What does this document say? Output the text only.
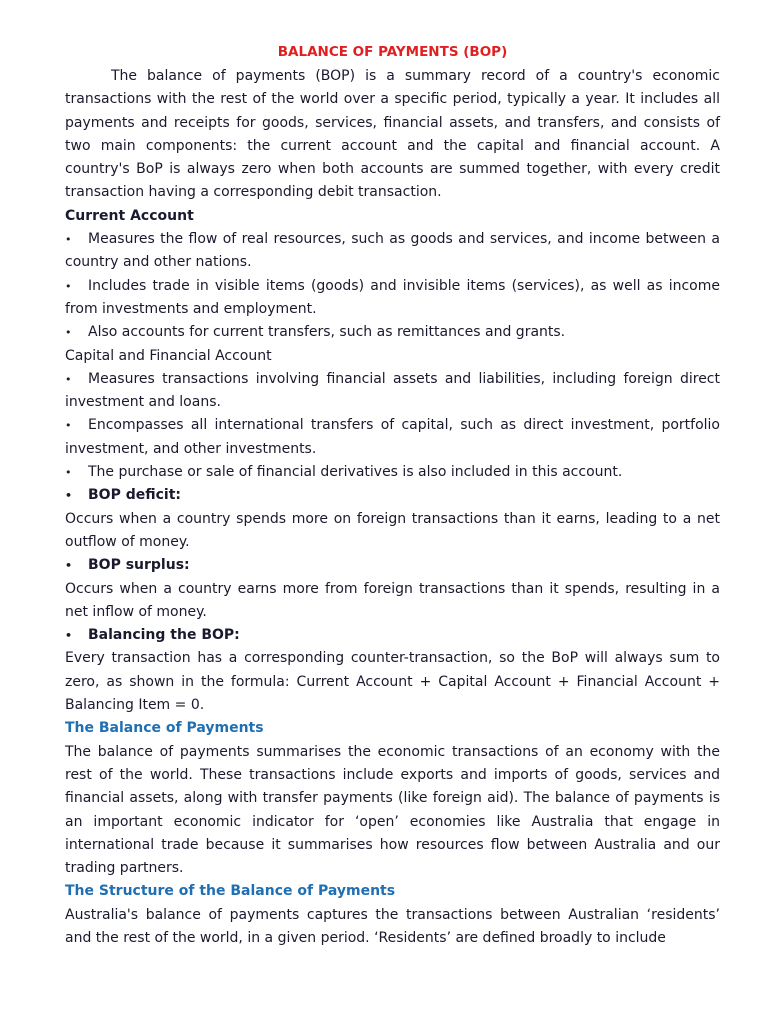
BALANCE OF PAYMENTS (BOP)

The balance of payments (BOP) is a summary record of a country's economic transactions with the rest of the world over a specific period, typically a year. It includes all payments and receipts for goods, services, financial assets, and transfers, and consists of two main components: the current account and the capital and financial account. A country's BoP is always zero when both accounts are summed together, with every credit transaction having a corresponding debit transaction.

Current Account
• Measures the flow of real resources, such as goods and services, and income between a country and other nations.
• Includes trade in visible items (goods) and invisible items (services), as well as income from investments and employment.
• Also accounts for current transfers, such as remittances and grants.
Capital and Financial Account
• Measures transactions involving financial assets and liabilities, including foreign direct investment and loans.
• Encompasses all international transfers of capital, such as direct investment, portfolio investment, and other investments.
• The purchase or sale of financial derivatives is also included in this account.
• BOP deficit:

Occurs when a country spends more on foreign transactions than it earns, leading to a net outflow of money.

• BOP surplus:

Occurs when a country earns more from foreign transactions than it spends, resulting in a net inflow of money.

• Balancing the BOP:

Every transaction has a corresponding counter-transaction, so the BoP will always sum to zero, as shown in the formula: Current Account + Capital Account + Financial Account + Balancing Item = 0.

The Balance of Payments

The balance of payments summarises the economic transactions of an economy with the rest of the world. These transactions include exports and imports of goods, services and financial assets, along with transfer payments (like foreign aid). The balance of payments is an important economic indicator for ‘open’ economies like Australia that engage in international trade because it summarises how resources flow between Australia and our trading partners.

The Structure of the Balance of Payments

Australia's balance of payments captures the transactions between Australian ‘residents’ and the rest of the world, in a given period. ‘Residents’ are defined broadly to include
